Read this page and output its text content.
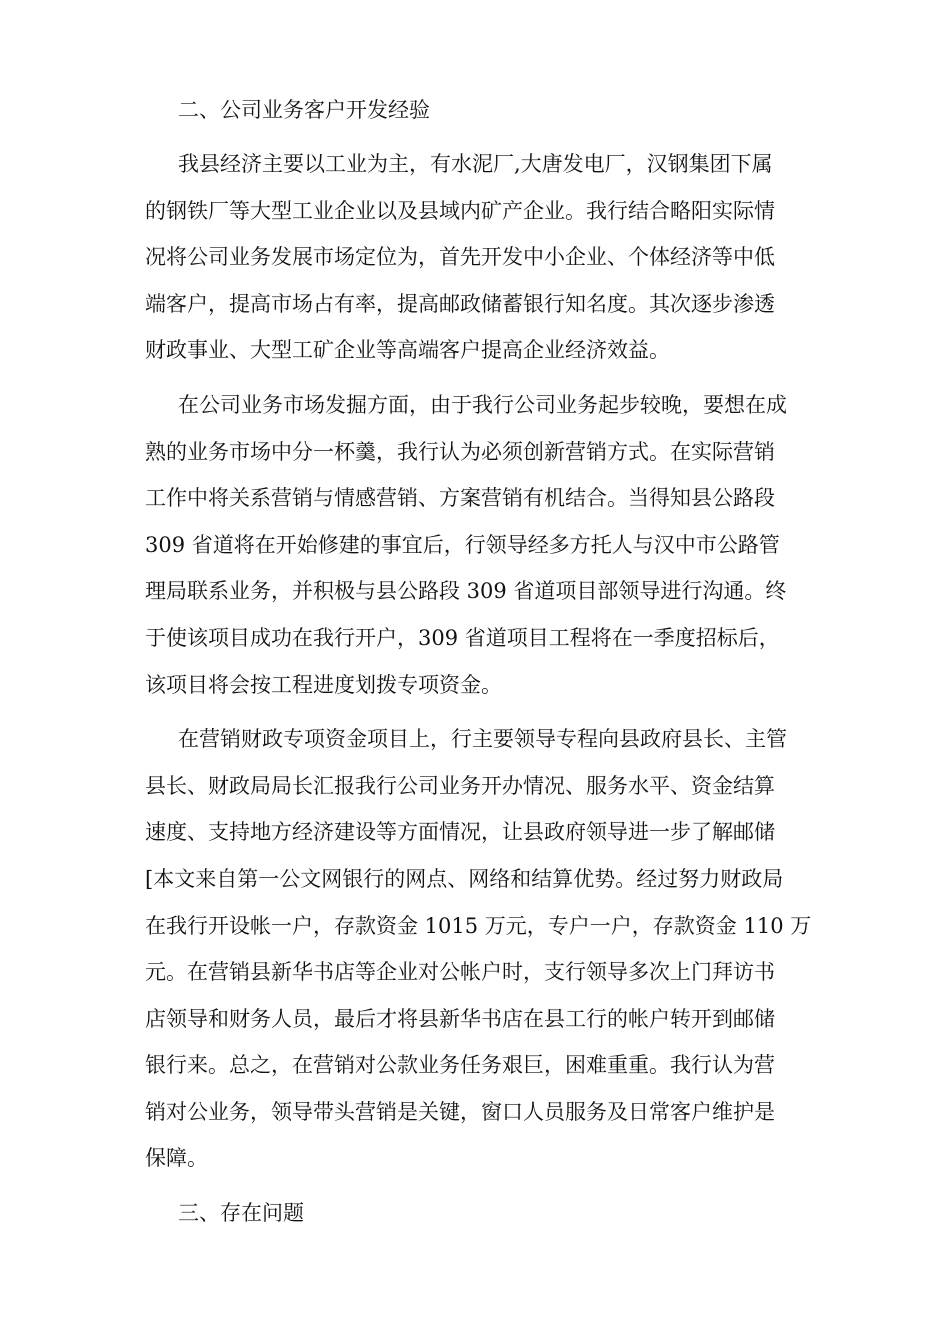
二、公司业务客户开发经验

我县经济主要以工业为主，有水泥厂,大唐发电厂，汉钢集团下属
的钢铁厂等大型工业企业以及县域内矿产企业。我行结合略阳实际情
况将公司业务发展市场定位为，首先开发中小企业、个体经济等中低
端客户，提高市场占有率，提高邮政储蓄银行知名度。其次逐步渗透
财政事业、大型工矿企业等高端客户提高企业经济效益。

在公司业务市场发掘方面，由于我行公司业务起步较晚，要想在成
熟的业务市场中分一杯羹，我行认为必须创新营销方式。在实际营销
工作中将关系营销与情感营销、方案营销有机结合。当得知县公路段
309 省道将在开始修建的事宜后，行领导经多方托人与汉中市公路管
理局联系业务，并积极与县公路段 309 省道项目部领导进行沟通。终
于使该项目成功在我行开户，309 省道项目工程将在一季度招标后，
该项目将会按工程进度划拨专项资金。

在营销财政专项资金项目上，行主要领导专程向县政府县长、主管
县长、财政局局长汇报我行公司业务开办情况、服务水平、资金结算
速度、支持地方经济建设等方面情况，让县政府领导进一步了解邮储
[本文来自第一公文网银行的网点、网络和结算优势。经过努力财政局
在我行开设帐一户，存款资金 1015 万元，专户一户，存款资金 110 万
元。在营销县新华书店等企业对公帐户时，支行领导多次上门拜访书
店领导和财务人员，最后才将县新华书店在县工行的帐户转开到邮储
银行来。总之，在营销对公款业务任务艰巨，困难重重。我行认为营
销对公业务，领导带头营销是关键，窗口人员服务及日常客户维护是
保障。

三、存在问题
